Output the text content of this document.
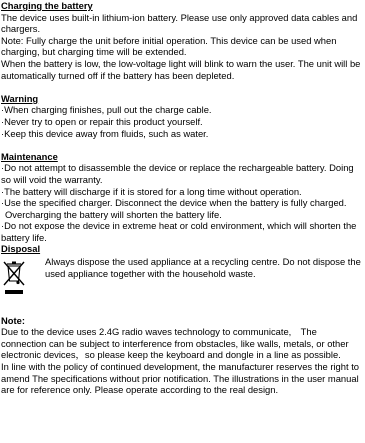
Charging the battery

The device uses built-in lithium-ion battery. Please use only approved data cables and chargers.

Note: Fully charge the unit before initial operation. This device can be used when charging, but charging time will be extended.

When the battery is low, the low-voltage light will blink to warn the user. The unit will be automatically turned off if the battery has been depleted.

Warning

·When charging finishes, pull out the charge cable.

·Never try to open or repair this product yourself.

·Keep this device away from fluids, such as water.

Maintenance

·Do not attempt to disassemble the device or replace the rechargeable battery. Doing so will void the warranty.

·The battery will discharge if it is stored for a long time without operation.

·Use the specified charger. Disconnect the device when the battery is fully charged.

Overcharging the battery will shorten the battery life.

·Do not expose the device in extreme heat or cold environment, which will shorten the battery life.

Disposal

Always dispose the used appliance at a recycling centre. Do not dispose the used appliance together with the household waste.

Note:

Due to the device uses 2.4G radio waves technology to communicate,　The connection can be subject to interference from obstacles, like walls, metals, or other electronic devices，so please keep the keyboard and dongle in a line as possible.

In line with the policy of continued development, the manufacturer reserves the right to amend The specifications without prior notification. The illustrations in the user manual are for reference only. Please operate according to the real design.
